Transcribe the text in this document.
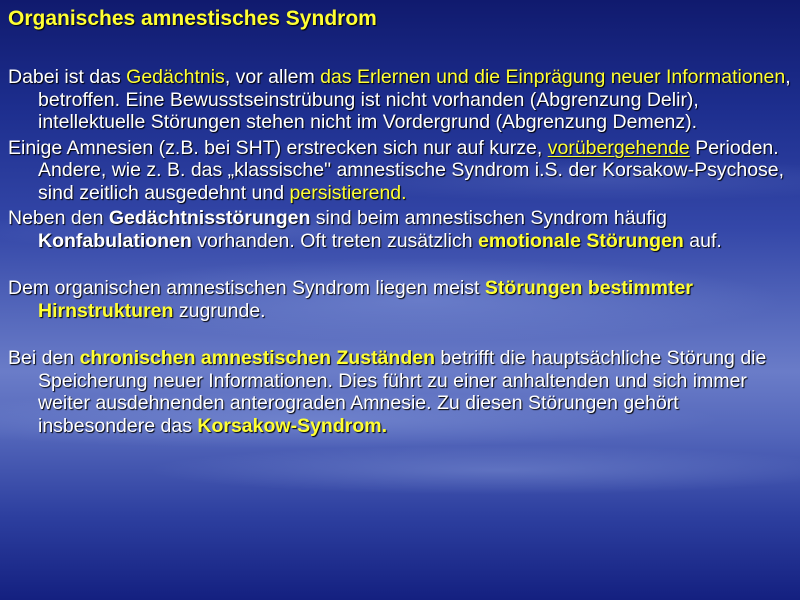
Organisches amnestisches Syndrom

Dabei ist das Gedächtnis, vor allem das Erlernen und die Einprägung neuer Informationen, betroffen. Eine Bewusstseinstrübung ist nicht vorhanden (Abgrenzung Delir), intellektuelle Störungen stehen nicht im Vordergrund (Abgrenzung Demenz).

Einige Amnesien (z.B. bei SHT) erstrecken sich nur auf kurze, vorübergehende Perioden. Andere, wie z. B. das „klassische" amnestische Syndrom i.S. der Korsakow-Psychose, sind zeitlich ausgedehnt und persistierend.

Neben den Gedächtnisstörungen sind beim amnestischen Syndrom häufig Konfabulationen vorhanden. Oft treten zusätzlich emotionale Störungen auf.

Dem organischen amnestischen Syndrom liegen meist Störungen bestimmter Hirnstrukturen zugrunde.

Bei den chronischen amnestischen Zuständen betrifft die hauptsächliche Störung die Speicherung neuer Informationen. Dies führt zu einer anhaltenden und sich immer weiter ausdehnenden anterograden Amnesie. Zu diesen Störungen gehört insbesondere das Korsakow-Syndrom.
